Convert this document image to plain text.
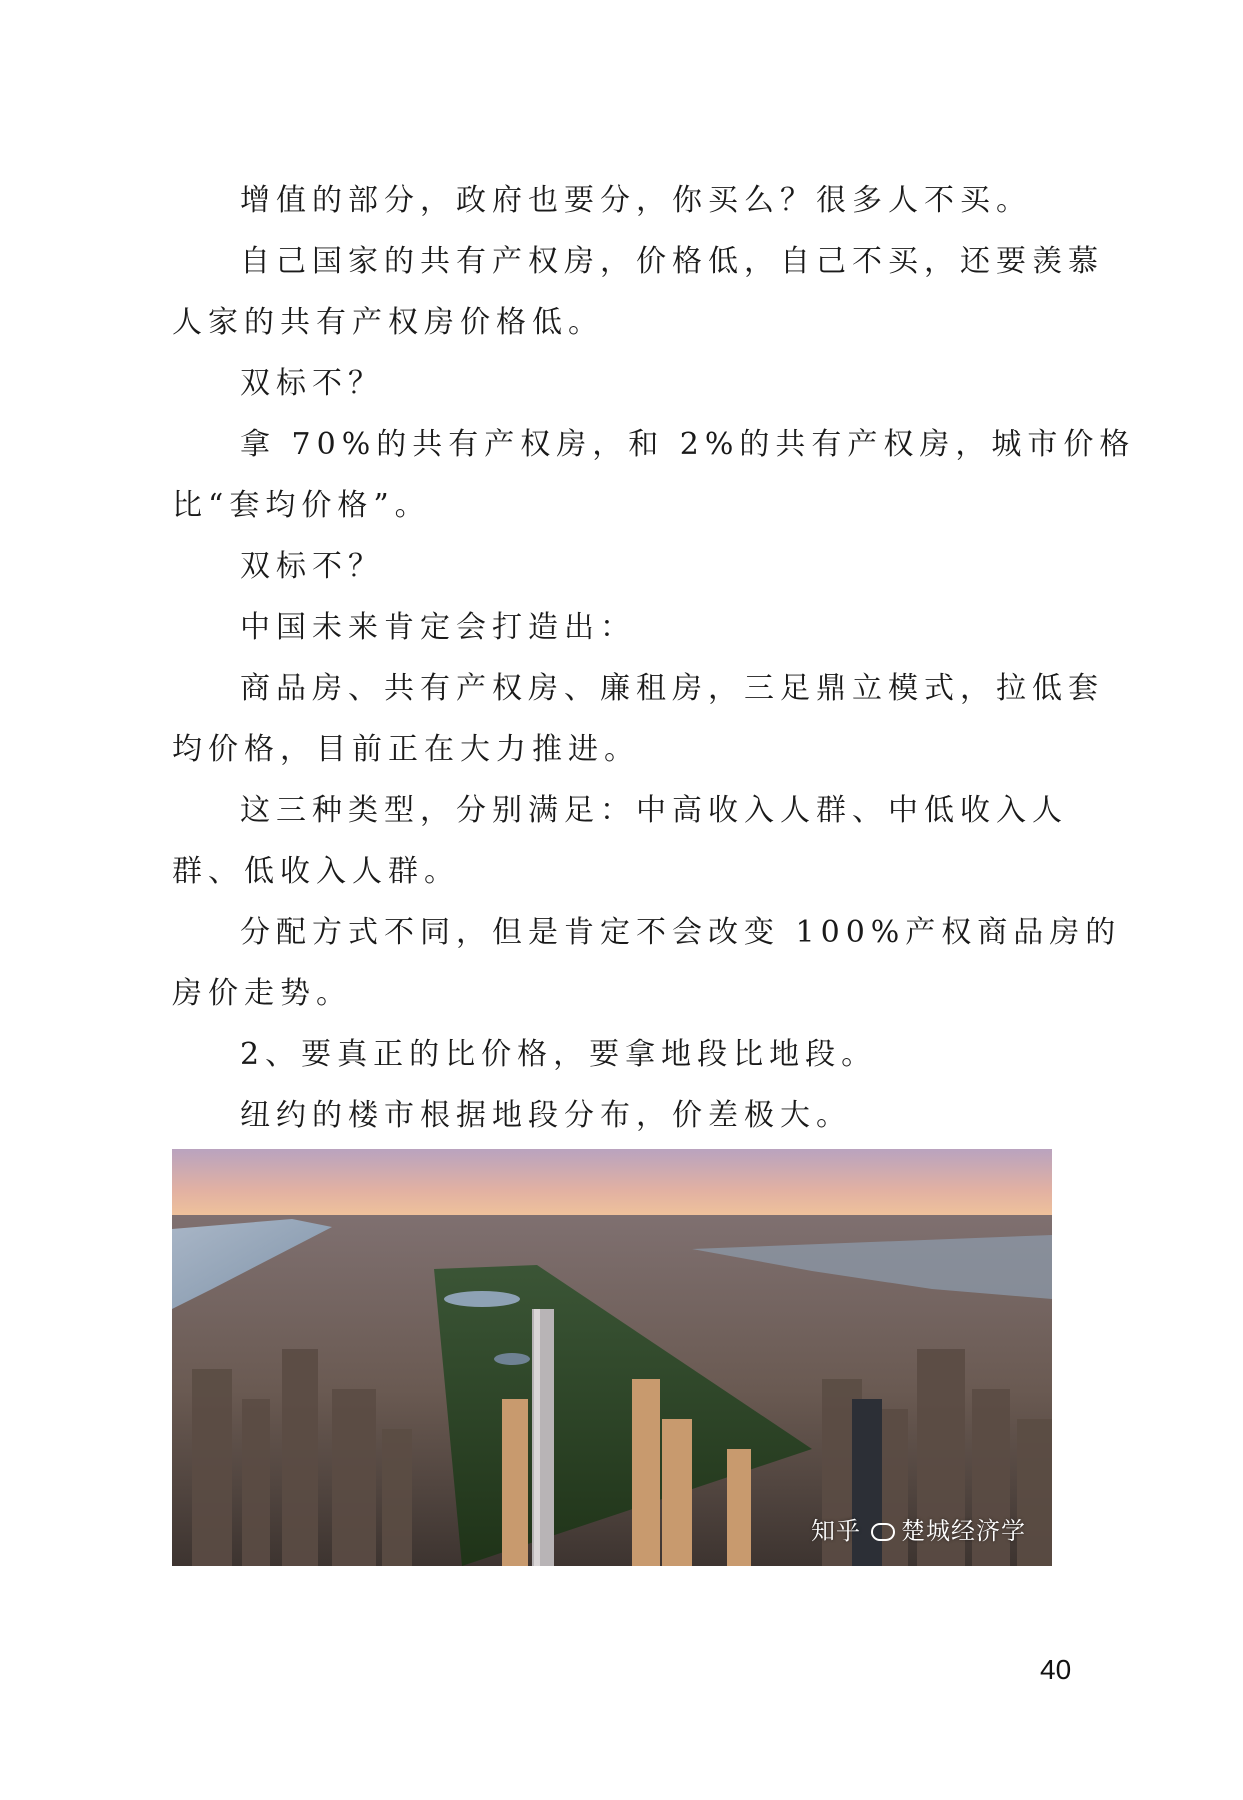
增值的部分，政府也要分，你买么？很多人不买。
自己国家的共有产权房，价格低，自己不买，还要羡慕
人家的共有产权房价格低。
双标不？
拿 70%的共有产权房，和 2%的共有产权房，城市价格
比“套均价格”。
双标不？
中国未来肯定会打造出：
商品房、共有产权房、廉租房，三足鼎立模式，拉低套
均价格，目前正在大力推进。
这三种类型，分别满足：中高收入人群、中低收入人
群、低收入人群。
分配方式不同，但是肯定不会改变 100%产权商品房的
房价走势。
2、要真正的比价格，要拿地段比地段。
纽约的楼市根据地段分布，价差极大。
知乎 楚城经济学
40
